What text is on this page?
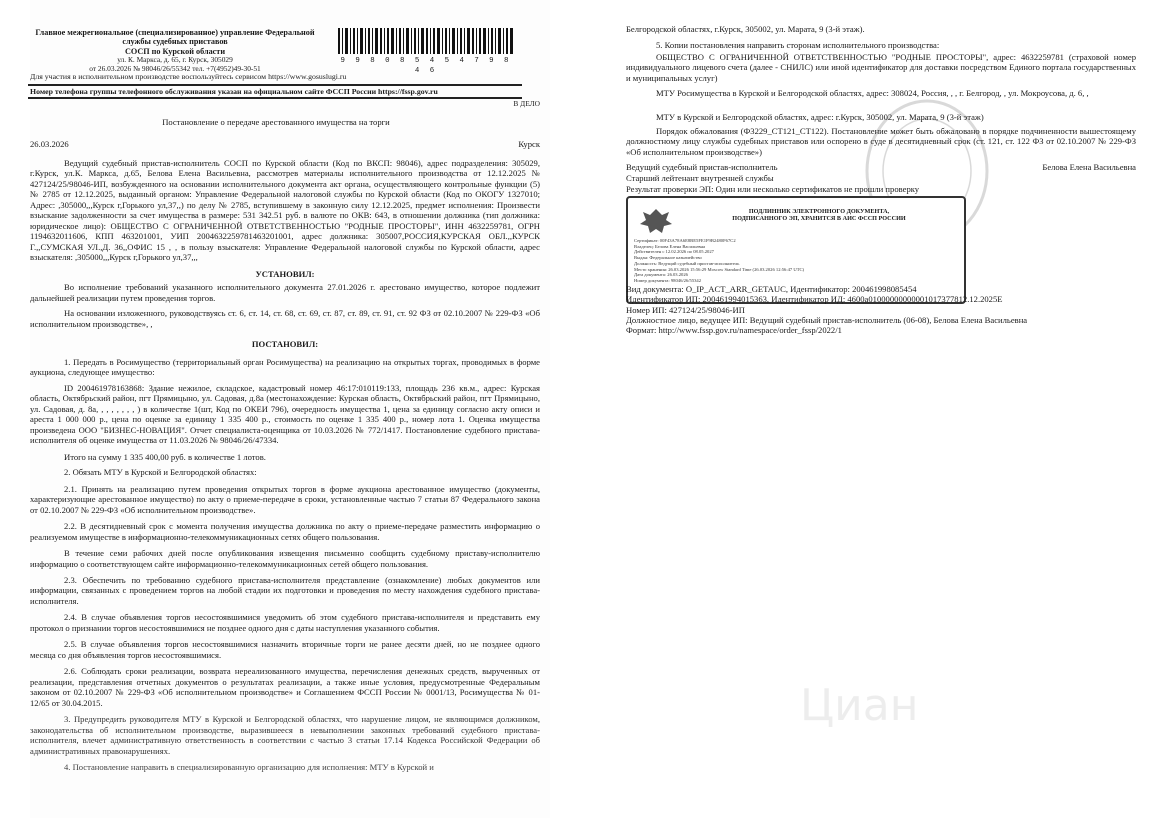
Главное межрегиональное (специализированное) управление Федеральной
службы судебных приставов
СОСП по Курской области
ул. К. Маркса, д. 65, г. Курск, 305029
от 26.03.2026 № 98046/26/55342 тел. +7(4952)49-30-51
9 9 8 0 8 5 4 5 4 7 9 8 4 6
Для участия в исполнительном производстве воспользуйтесь сервисом https://www.gosuslugi.ru
Номер телефона группы телефонного обслуживания указан на официальном сайте ФССП России https://fssp.gov.ru
В ДЕЛО
Постановление о передаче арестованного имущества на торги
26.03.2026	Курск

Ведущий судебный пристав-исполнитель СОСП по Курской области (Код по ВКСП: 98046), адрес подразделения: 305029, г.Курск, ул.К. Маркса, д.65, Белова Елена Васильевна, рассмотрев материалы исполнительного производства от 12.12.2025 № 427124/25/98046-ИП, возбужденного на основании исполнительного документа акт органа, осуществляющего контрольные функции (5) № 2785 от 12.12.2025, выданный органом: Управление Федеральной налоговой службы по Курской области (Код по ОКОГУ 1327010; Адрес: ,305000,,,Курск г,Горького ул,37,,) по делу № 2785, вступившему в законную силу 12.12.2025, предмет исполнения: Произвести взыскание задолженности за счет имущества в размере: 531 342.51 руб. в валюте по ОКВ: 643, в отношении должника (тип должника: юридическое лицо): ОБЩЕСТВО С ОГРАНИЧЕННОЙ ОТВЕТСТВЕННОСТЬЮ "РОДНЫЕ ПРОСТОРЫ", ИНН 4632259781, ОГРН 1194632011606, КПП 463201001, УИП 2004632259781463201001, адрес должника: 305007,РОССИЯ,КУРСКАЯ ОБЛ.,,КУРСК Г.,,СУМСКАЯ УЛ.,Д. 36,,ОФИС 15 , , в пользу взыскателя: Управление Федеральной налоговой службы по Курской области, адрес взыскателя: ,305000,,,Курск г,Горького ул,37,,,

УСТАНОВИЛ:

Во исполнение требований указанного исполнительного документа 27.01.2026 г. арестовано имущество, которое подлежит дальнейшей реализации путем проведения торгов.

На основании изложенного, руководствуясь ст. 6, ст. 14, ст. 68, ст. 69, ст. 87, ст. 89, ст. 91, ст. 92 ФЗ от 02.10.2007 № 229-ФЗ «Об исполнительном производстве», ,

ПОСТАНОВИЛ:

1. Передать в Росимущество (территориальный орган Росимущества) на реализацию на открытых торгах, проводимых в форме аукциона, следующее имущество:

ID 200461978163868: Здание нежилое, складское, кадастровый номер 46:17:010119:133, площадь 236 кв.м., адрес: Курская область, Октябрьский район, пгт Прямицыно, ул. Садовая, д.8а (местонахождение: Курская область, Октябрьский район, пгт Прямицыно, ул. Садовая, д. 8а, , , , , , , , ) в количестве 1(шт, Код по ОКЕИ 796), очередность имущества 1, цена за единицу согласно акту описи и ареста 1 000 000 р., цена по оценке за единицу 1 335 400 р., стоимость по оценке 1 335 400 р., номер лота 1. Оценка имущества произведена ООО "БИЗНЕС-НОВАЦИЯ". Отчет специалиста-оценщика от 10.03.2026 № 772/1417. Постановление судебного пристава-исполнителя об оценке имущества от 11.03.2026 № 98046/26/47334.

Итого на сумму 1 335 400,00 руб. в количестве 1 лотов.

2. Обязать МТУ в Курской и Белгородской областях:

2.1. Принять на реализацию путем проведения открытых торгов в форме аукциона арестованное имущество (документы, характеризующие арестованное имущество) по акту о приеме-передаче в сроки, установленные частью 7 статьи 87 Федерального закона от 02.10.2007 № 229-ФЗ «Об исполнительном производстве».

2.2. В десятидневный срок с момента получения имущества должника по акту о приеме-передаче разместить информацию о реализуемом имуществе в информационно-телекоммуникационных сетях общего пользования.

В течение семи рабочих дней после опубликования извещения письменно сообщить судебному приставу-исполнителю информацию о соответствующем сайте информационно-телекоммуникационных сетей общего пользования.

2.3. Обеспечить по требованию судебного пристава-исполнителя представление (ознакомление) любых документов или информации, связанных с проведением торгов на любой стадии их подготовки и проведения по месту нахождения судебного пристава-исполнителя.

2.4. В случае объявления торгов несостоявшимися уведомить об этом судебного пристава-исполнителя и представить ему протокол о признании торгов несостоявшимися не позднее одного дня с даты наступления указанного события.

2.5. В случае объявления торгов несостоявшимися назначить вторичные торги не ранее десяти дней, но не позднее одного месяца со дня объявления торгов несостоявшимися.

2.6. Соблюдать сроки реализации, возврата нереализованного имущества, перечисления денежных средств, вырученных от реализации, представления отчетных документов о результатах реализации, а также иные условия, предусмотренные Федеральным законом от 02.10.2007 № 229-ФЗ «Об исполнительном производстве» и Соглашением ФССП России № 0001/13, Росимущества № 01-12/65 от 30.04.2015.

3. Предупредить руководителя МТУ в Курской и Белгородской областях, что нарушение лицом, не являющимся должником, законодательства об исполнительном производстве, выразившееся в невыполнении законных требований судебного пристава-исполнителя, влечет административную ответственность в соответствии с частью 3 статьи 17.14 Кодекса Российской Федерации об административных правонарушениях.

4. Постановление направить в специализированную организацию для исполнения: МТУ в Курской и

Белгородской областях, г.Курск, 305002, ул. Марата, 9 (3-й этаж).
5. Копии постановления направить сторонам исполнительного производства:
ОБЩЕСТВО С ОГРАНИЧЕННОЙ ОТВЕТСТВЕННОСТЬЮ "РОДНЫЕ ПРОСТОРЫ", адрес: 4632259781 (страховой номер индивидуального лицевого счета (далее - СНИЛС) или иной идентификатор для доставки посредством Единого портала государственных и муниципальных услуг)
МТУ Росимущества в Курской и Белгородской областях, адрес: 308024, Россия, , , г. Белгород, , ул. Мокроусова, д. 6, ,
МТУ в Курской и Белгородской областях, адрес: г.Курск, 305002, ул. Марата, 9 (3-й этаж)
Порядок обжалования (Ф3229_СТ121_СТ122). Постановление может быть обжаловано в порядке подчиненности вышестоящему должностному лицу службы судебных приставов или оспорено в суде в десятидневный срок (ст. 121, ст. 122 ФЗ от 02.10.2007 № 229-ФЗ «Об исполнительном производстве»)
Ведущий судебный пристав-исполнитель	Белова Елена Васильевна
Старший лейтенант внутренней службы
Результат проверки ЭП: Один или несколько сертификатов не прошли проверку
ПОДЛИННИК ЭЛЕКТРОННОГО ДОКУМЕНТА,
ПОДПИСАННОГО ЭП, ХРАНИТСЯ В АИС ФССП РОССИИ
Сертификат: 00F43A78A6E8BE5FE1F9B2480F67C2
Владелец: Белова Елена Васильевна
Действителен с 12.02.2026 по 08.05.2027
Выдан: Федеральное казначейство
Должность: Ведущий судебный пристав-исполнитель
Место хранения: 26.03.2026 15:56:29 Moscow Standard Time (26.03.2026 12:56:47 UTC)
Дата документа: 26.03.2026
Номер документа: 98046/26/55342
Вид документа: O_IP_ACT_ARR_GETAUC, Идентификатор: 200461998085454
Идентификатор ИП: 200461994015363, Идентификатор ИД: 4600а01000000000001017377812.12.2025Е
Номер ИП: 427124/25/98046-ИП
Должностное лицо, ведущее ИП: Ведущий судебный пристав-исполнитель (06-08), Белова Елена Васильевна
Формат: http://www.fssp.gov.ru/namespace/order_fssp/2022/1
Циан
